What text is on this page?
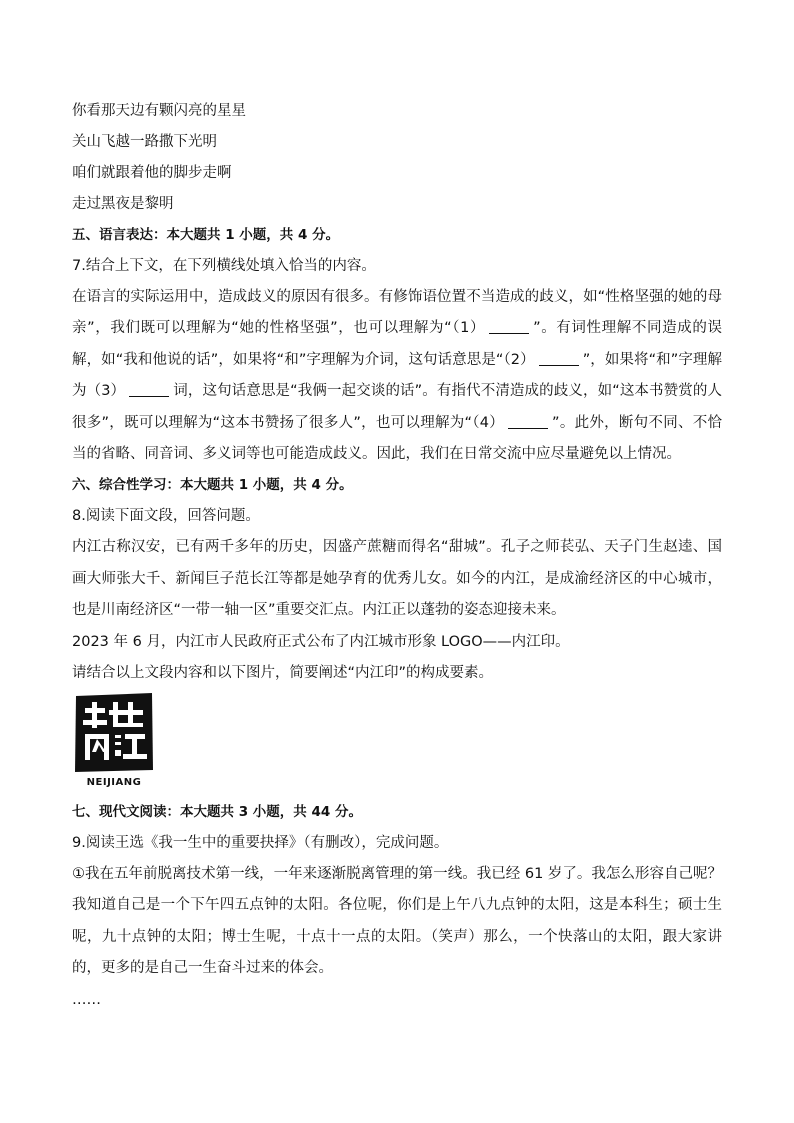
你看那天边有颗闪亮的星星
关山飞越一路撒下光明
咱们就跟着他的脚步走啊
走过黑夜是黎明
五、语言表达：本大题共 1 小题，共 4 分。
7.结合上下文，在下列横线处填入恰当的内容。

在语言的实际运用中，造成歧义的原因有很多。有修饰语位置不当造成的歧义，如“性格坚强的她的母亲”，我们既可以理解为“她的性格坚强”，也可以理解为“（1）	”。有词性理解不同造成的误解，如“我和他说的话”，如果将“和”字理解为介词，这句话意思是“（2）	”，如果将“和”字理解为（3）	词，这句话意思是“我俩一起交谈的话”。有指代不清造成的歧义，如“这本书赞赏的人很多”，既可以理解为“这本书赞扬了很多人”，也可以理解为“（4）	”。此外，断句不同、不恰当的省略、同音词、多义词等也可能造成歧义。因此，我们在日常交流中应尽量避免以上情况。

六、综合性学习：本大题共 1 小题，共 4 分。
8.阅读下面文段，回答问题。

内江古称汉安，已有两千多年的历史，因盛产蔗糖而得名“甜城”。孔子之师苌弘、天子门生赵逵、国画大师张大千、新闻巨子范长江等都是她孕育的优秀儿女。如今的内江，是成渝经济区的中心城市，也是川南经济区“一带一轴一区”重要交汇点。内江正以蓬勃的姿态迎接未来。

2023 年 6 月，内江市人民政府正式公布了内江城市形象 LOGO——内江印。

请结合以上文段内容和以下图片，简要阐述“内江印”的构成要素。

NEIJIANG
七、现代文阅读：本大题共 3 小题，共 44 分。
9.阅读王选《我一生中的重要抉择》（有删改），完成问题。

①我在五年前脱离技术第一线，一年来逐渐脱离管理的第一线。我已经 61 岁了。我怎么形容自己呢？我知道自己是一个下午四五点钟的太阳。各位呢，你们是上午八九点钟的太阳，这是本科生；硕士生呢，九十点钟的太阳；博士生呢，十点十一点的太阳。（笑声）那么，一个快落山的太阳，跟大家讲的，更多的是自己一生奋斗过来的体会。

……
